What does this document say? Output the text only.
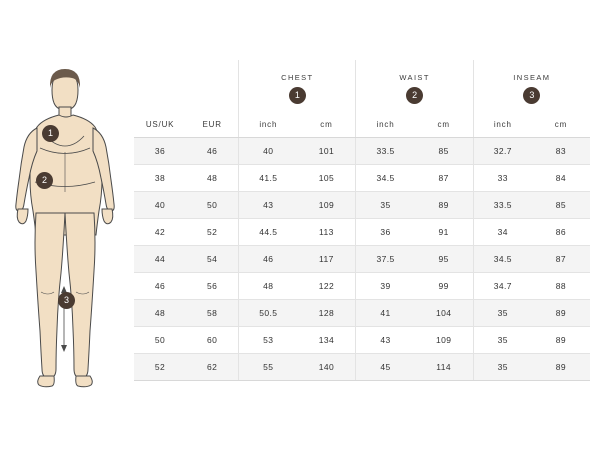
1
2
3
		CHEST		WAIST		INSEAM	
		1		2		3	
US/UK	EUR	inch	cm	inch	cm	inch	cm
36	46	40	101	33.5	85	32.7	83
38	48	41.5	105	34.5	87	33	84
40	50	43	109	35	89	33.5	85
42	52	44.5	113	36	91	34	86
44	54	46	117	37.5	95	34.5	87
46	56	48	122	39	99	34.7	88
48	58	50.5	128	41	104	35	89
50	60	53	134	43	109	35	89
52	62	55	140	45	114	35	89
